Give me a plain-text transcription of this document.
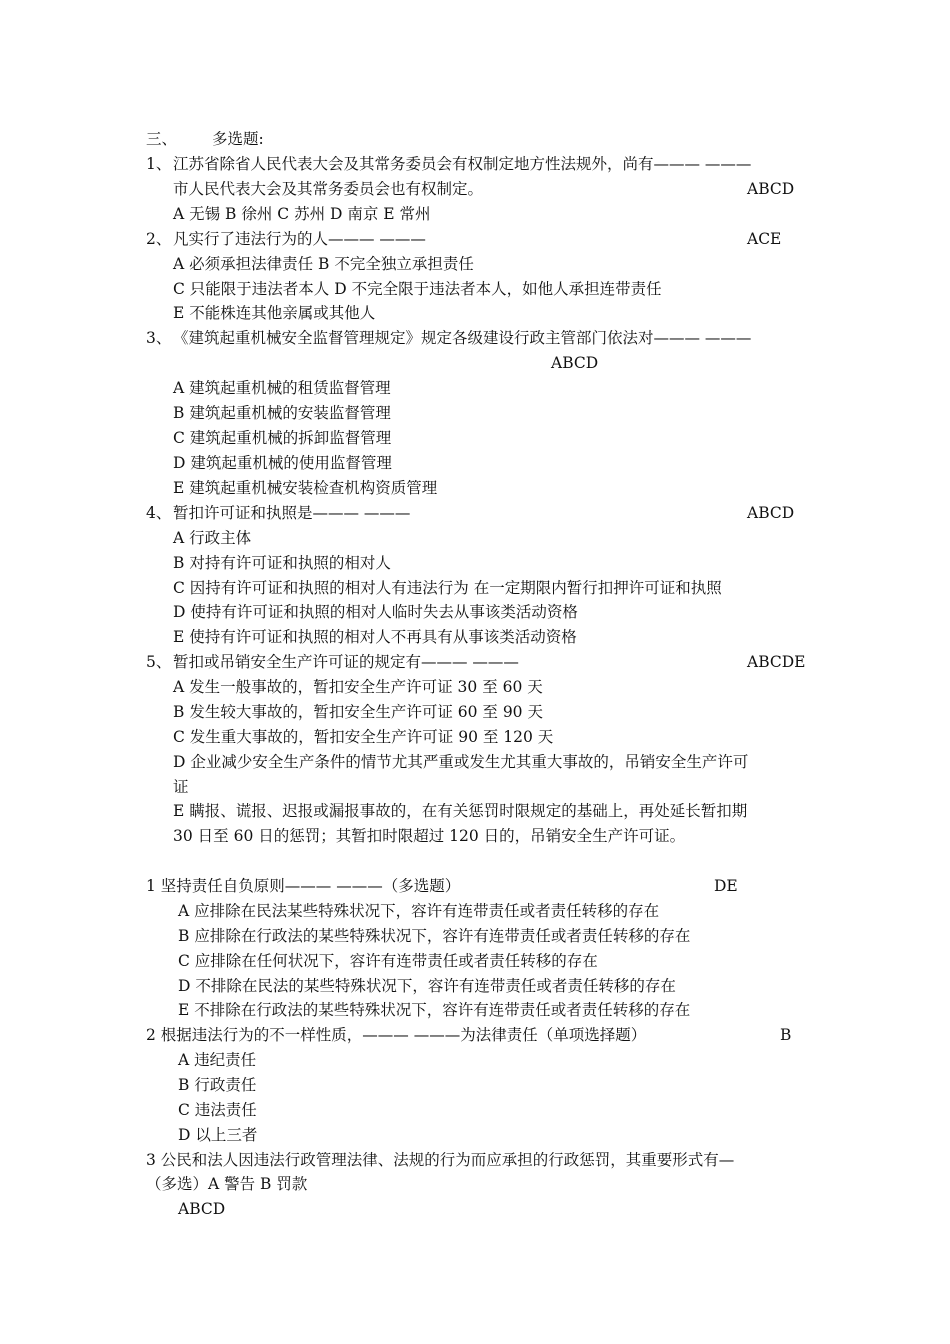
三、 多选题:
1、 江苏省除省人民代表大会及其常务委员会有权制定地方性法规外，尚有——— ———
市人民代表大会及其常务委员会也有权制定。	ABCD
A 无锡 B 徐州 C 苏州 D 南京 E 常州
2、 凡实行了违法行为的人——— ———	ACE
A 必须承担法律责任 B 不完全独立承担责任
C 只能限于违法者本人 D 不完全限于违法者本人，如他人承担连带责任
E 不能株连其他亲属或其他人
3、 《建筑起重机械安全监督管理规定》规定各级建设行政主管部门依法对——— ———
ABCD
A 建筑起重机械的租赁监督管理
B 建筑起重机械的安装监督管理
C 建筑起重机械的拆卸监督管理
D 建筑起重机械的使用监督管理
E 建筑起重机械安装检查机构资质管理
4、 暂扣许可证和执照是——— ———	ABCD
A 行政主体
B 对持有许可证和执照的相对人
C 因持有许可证和执照的相对人有违法行为 在一定期限内暂行扣押许可证和执照
D 使持有许可证和执照的相对人临时失去从事该类活动资格
E 使持有许可证和执照的相对人不再具有从事该类活动资格
5、 暂扣或吊销安全生产许可证的规定有——— ———	ABCDE
A 发生一般事故的，暂扣安全生产许可证 30 至 60 天
B 发生较大事故的，暂扣安全生产许可证 60 至 90 天
C 发生重大事故的，暂扣安全生产许可证 90 至 120 天
D 企业减少安全生产条件的情节尤其严重或发生尤其重大事故的，吊销安全生产许可
证
E 瞒报、谎报、迟报或漏报事故的，在有关惩罚时限规定的基础上，再处延长暂扣期
30 日至 60 日的惩罚；其暂扣时限超过 120 日的，吊销安全生产许可证。
1 坚持责任自负原则——— ———（多选题）	DE
A 应排除在民法某些特殊状况下，容许有连带责任或者责任转移的存在
B 应排除在行政法的某些特殊状况下，容许有连带责任或者责任转移的存在
C 应排除在任何状况下，容许有连带责任或者责任转移的存在
D 不排除在民法的某些特殊状况下，容许有连带责任或者责任转移的存在
E 不排除在行政法的某些特殊状况下，容许有连带责任或者责任转移的存在
2 根据违法行为的不一样性质，——— ———为法律责任（单项选择题）	B
A 违纪责任
B 行政责任
C 违法责任
D 以上三者
3 公民和法人因违法行政管理法律、法规的行为而应承担的行政惩罚，其重要形式有—
（多选）A 警告 B 罚款
ABCD
